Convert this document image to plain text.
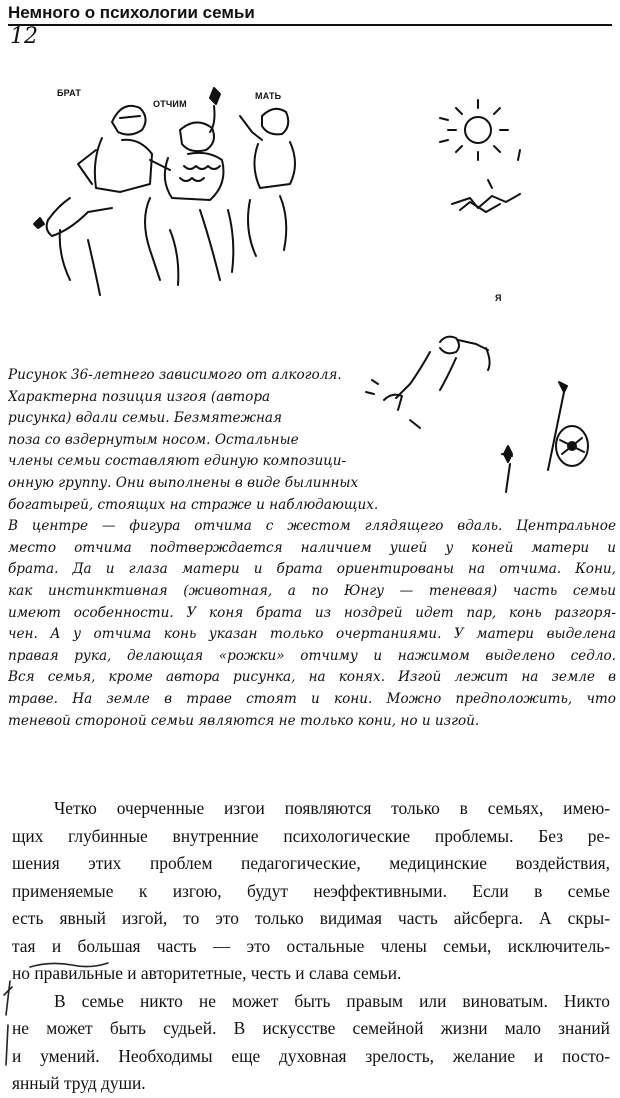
Немного о психологии семьи
12
БРАТ
ОТЧИМ
МАТЬ
Я
Рисунок 36-летнего зависимого от алкоголя.
Характерна позиция изгоя (автора
рисунка) вдали семьи. Безмятежная
поза со вздернутым носом. Остальные
члены семьи составляют единую композици-
онную группу. Они выполнены в виде былинных
богатырей, стоящих на страже и наблюдающих.
В центре — фигура отчима с жестом глядящего вдаль. Центральное
место отчима подтверждается наличием ушей у коней матери и
брата. Да и глаза матери и брата ориентированы на отчима. Кони,
как инстинктивная (животная, а по Юнгу — теневая) часть семьи
имеют особенности. У коня брата из ноздрей идет пар, конь разгоря-
чен. А у отчима конь указан только очертаниями. У матери выделена
правая рука, делающая «рожки» отчиму и нажимом выделено седло.
Вся семья, кроме автора рисунка, на конях. Изгой лежит на земле в
траве. На земле в траве стоят и кони. Можно предположить, что
теневой стороной семьи являются не только кони, но и изгой.
Четко очерченные изгои появляются только в семьях, имею-
щих глубинные внутренние психологические проблемы. Без ре-
шения этих проблем педагогические, медицинские воздействия,
применяемые к изгою, будут неэффективными. Если в семье
есть явный изгой, то это только видимая часть айсберга. А скры-
тая и большая часть — это остальные члены семьи, исключитель-
но правильные и авторитетные, честь и слава семьи.
В семье никто не может быть правым или виноватым. Никто
не может быть судьей. В искусстве семейной жизни мало знаний
и умений. Необходимы еще духовная зрелость, желание и посто-
янный труд души.
